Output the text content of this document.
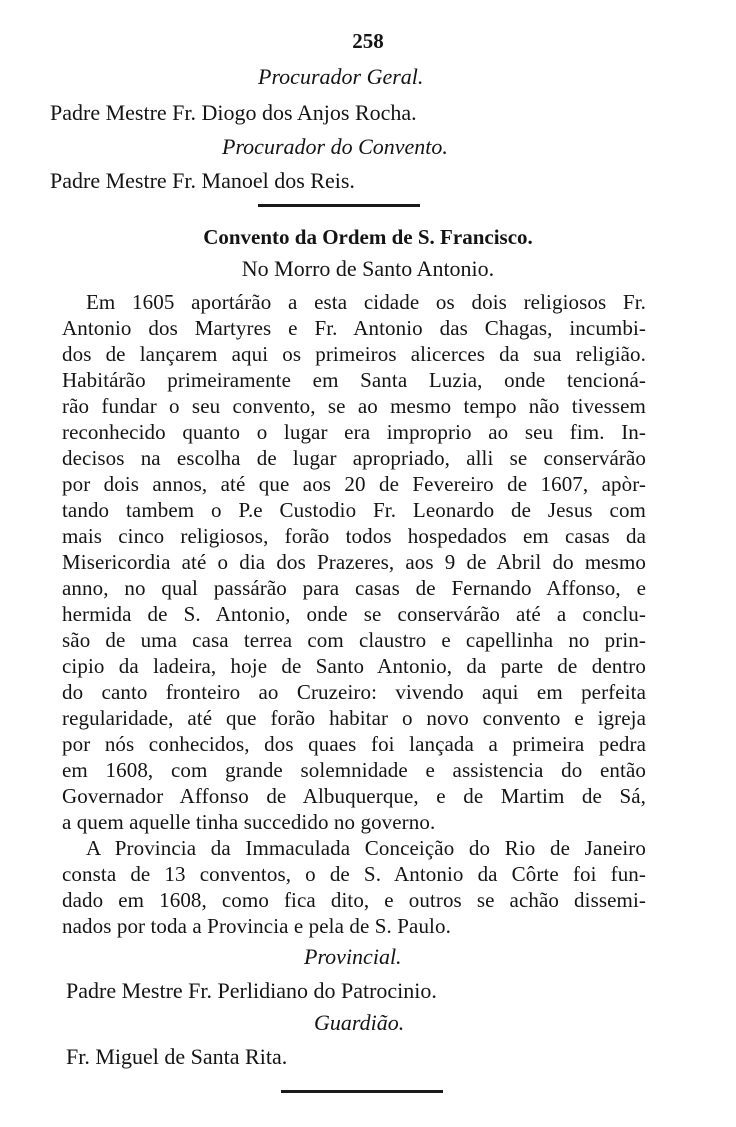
258
Procurador Geral.
Padre Mestre Fr. Diogo dos Anjos Rocha.
Procurador do Convento.
Padre Mestre Fr. Manoel dos Reis.
Convento da Ordem de S. Francisco.
No Morro de Santo Antonio.
Em 1605 aportárão a esta cidade os dois religiosos Fr.
Antonio dos Martyres e Fr. Antonio das Chagas, incumbi-
dos de lançarem aqui os primeiros alicerces da sua religião.
Habitárão primeiramente em Santa Luzia, onde tencioná-
rão fundar o seu convento, se ao mesmo tempo não tivessem
reconhecido quanto o lugar era improprio ao seu fim. In-
decisos na escolha de lugar apropriado, alli se conservárão
por dois annos, até que aos 20 de Fevereiro de 1607, apòr-
tando tambem o P.e Custodio Fr. Leonardo de Jesus com
mais cinco religiosos, forão todos hospedados em casas da
Misericordia até o dia dos Prazeres, aos 9 de Abril do mesmo
anno, no qual passárão para casas de Fernando Affonso, e
hermida de S. Antonio, onde se conservárão até a conclu-
são de uma casa terrea com claustro e capellinha no prin-
cipio da ladeira, hoje de Santo Antonio, da parte de dentro
do canto fronteiro ao Cruzeiro: vivendo aqui em perfeita
regularidade, até que forão habitar o novo convento e igreja
por nós conhecidos, dos quaes foi lançada a primeira pedra
em 1608, com grande solemnidade e assistencia do então
Governador Affonso de Albuquerque, e de Martim de Sá,
a quem aquelle tinha succedido no governo.
A Provincia da Immaculada Conceição do Rio de Janeiro
consta de 13 conventos, o de S. Antonio da Côrte foi fun-
dado em 1608, como fica dito, e outros se achão dissemi-
nados por toda a Provincia e pela de S. Paulo.
Provincial.
Padre Mestre Fr. Perlidiano do Patrocinio.
Guardião.
Fr. Miguel de Santa Rita.
